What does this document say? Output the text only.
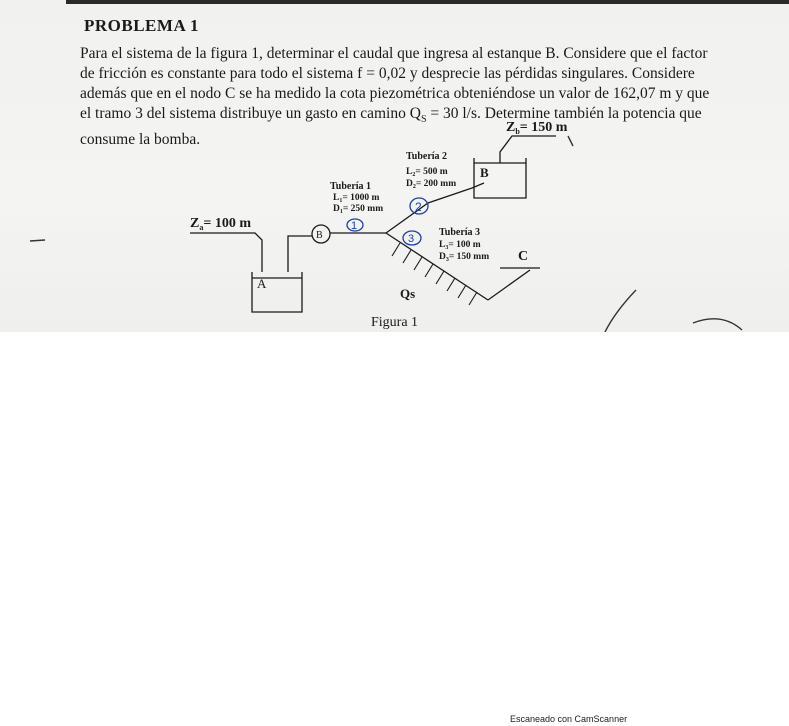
PROBLEMA 1
Para el sistema de la figura 1, determinar el caudal que ingresa al estanque B. Considere que el factor
de fricción es constante para todo el sistema f = 0,02 y desprecie las pérdidas singulares. Considere
además que en el nodo C se ha medido la cota piezométrica obteniéndose un valor de 162,07 m y que
el tramo 3 del sistema distribuye un gasto en camino $Q_S = 30$ l/s. Determine también la potencia que
consume la bomba.
B
1
2
3
$Z_a= 100$ m
$Z_b= 150$ m
A
B
Tubería 1
$L_1= 1000$ m
$D_1= 250$ mm
Tubería 2
$L_2= 500$ m
$D_2= 200$ mm
Tubería 3
$L_3= 100$ m
$D_3= 150$ mm C
Qs
Figura 1
Escaneado con CamScanner
